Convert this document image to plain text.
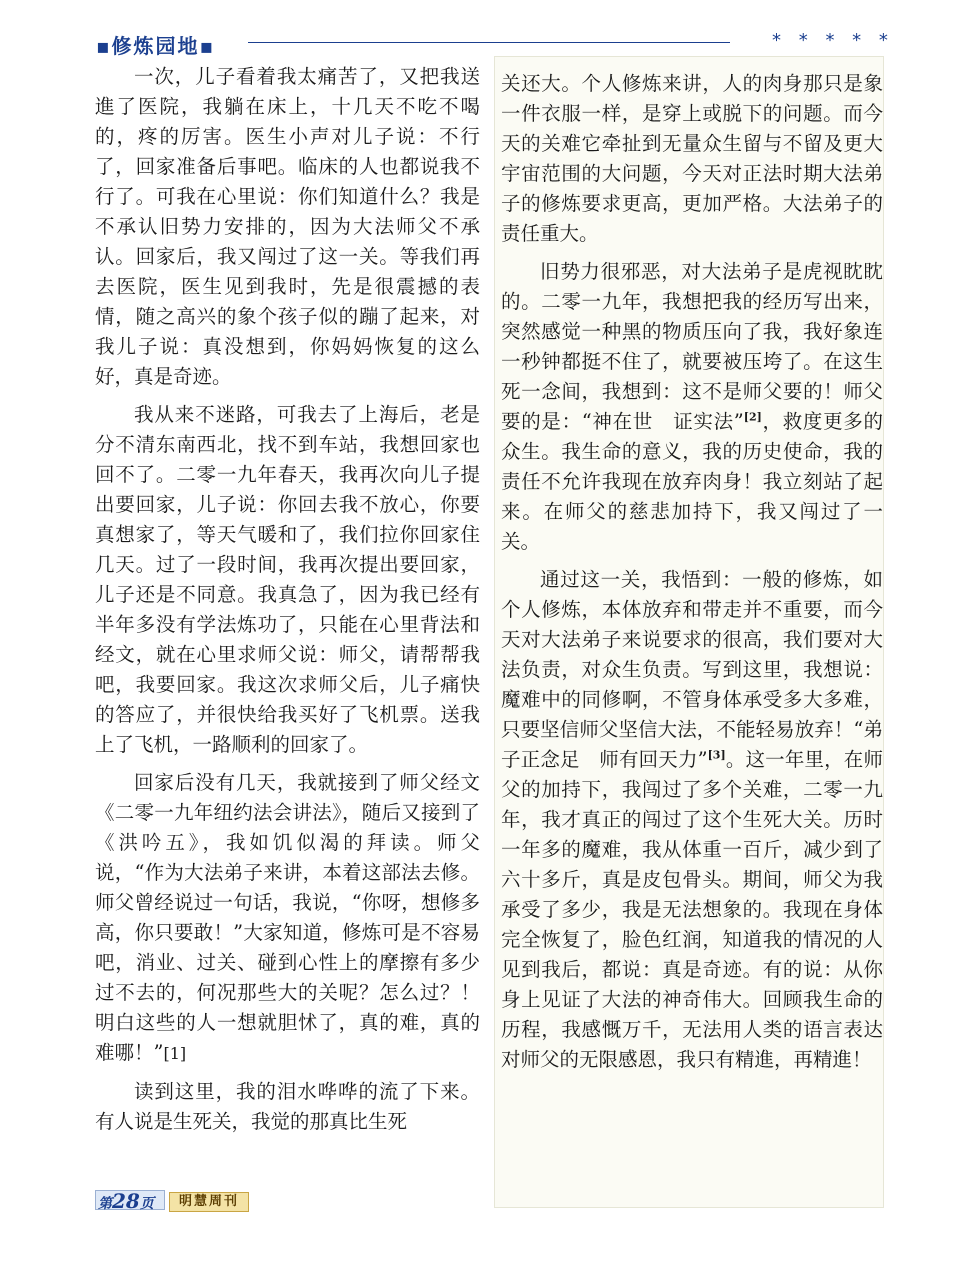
▪修炼园地▪	* * * * *

一次，儿子看着我太痛苦了，又把我送進了医院，我躺在床上，十几天不吃不喝的，疼的厉害。医生小声对儿子说：不行了，回家准备后事吧。临床的人也都说我不行了。可我在心里说：你们知道什么？我是不承认旧势力安排的，因为大法师父不承认。回家后，我又闯过了这一关。等我们再去医院，医生见到我时，先是很震撼的表情，随之高兴的象个孩子似的蹦了起来，对我儿子说：真没想到，你妈妈恢复的这么好，真是奇迹。

我从来不迷路，可我去了上海后，老是分不清东南西北，找不到车站，我想回家也回不了。二零一九年春天，我再次向儿子提出要回家，儿子说：你回去我不放心，你要真想家了，等天气暖和了，我们拉你回家住几天。过了一段时间，我再次提出要回家，儿子还是不同意。我真急了，因为我已经有半年多没有学法炼功了，只能在心里背法和经文，就在心里求师父说：师父，请帮帮我吧，我要回家。我这次求师父后，儿子痛快的答应了，并很快给我买好了飞机票。送我上了飞机，一路顺利的回家了。

回家后没有几天，我就接到了师父经文《二零一九年纽约法会讲法》，随后又接到了《洪吟五》，我如饥似渴的拜读。师父说，“作为大法弟子来讲，本着这部法去修。师父曾经说过一句话，我说，“你呀，想修多高，你只要敢！”大家知道，修炼可是不容易吧，消业、过关、碰到心性上的摩擦有多少过不去的，何况那些大的关呢？怎么过？！明白这些的人一想就胆怵了，真的难，真的难哪！”[1]

读到这里，我的泪水哗哗的流了下来。有人说是生死关，我觉的那真比生死

关还大。个人修炼来讲，人的肉身那只是象一件衣服一样，是穿上或脱下的问题。而今天的关难它牵扯到无量众生留与不留及更大宇宙范围的大问题，今天对正法时期大法弟子的修炼要求更高，更加严格。大法弟子的责任重大。

旧势力很邪恶，对大法弟子是虎视眈眈的。二零一九年，我想把我的经历写出来，突然感觉一种黑的物质压向了我，我好象连一秒钟都挺不住了，就要被压垮了。在这生死一念间，我想到：这不是师父要的！师父要的是：“神在世　证实法”[2]，救度更多的众生。我生命的意义，我的历史使命，我的责任不允许我现在放弃肉身！我立刻站了起来。在师父的慈悲加持下，我又闯过了一关。

通过这一关，我悟到：一般的修炼，如个人修炼，本体放弃和带走并不重要，而今天对大法弟子来说要求的很高，我们要对大法负责，对众生负责。写到这里，我想说：魔难中的同修啊，不管身体承受多大多难，只要坚信师父坚信大法，不能轻易放弃！“弟子正念足　师有回天力”[3]。这一年里，在师父的加持下，我闯过了多个关难，二零一九年，我才真正的闯过了这个生死大关。历时一年多的魔难，我从体重一百斤，减少到了六十多斤，真是皮包骨头。期间，师父为我承受了多少，我是无法想象的。我现在身体完全恢复了，脸色红润，知道我的情况的人见到我后，都说：真是奇迹。有的说：从你身上见证了大法的神奇伟大。回顾我生命的历程，我感慨万千，无法用人类的语言表达对师父的无限感恩，我只有精進，再精進！

第28页	明慧周刊
